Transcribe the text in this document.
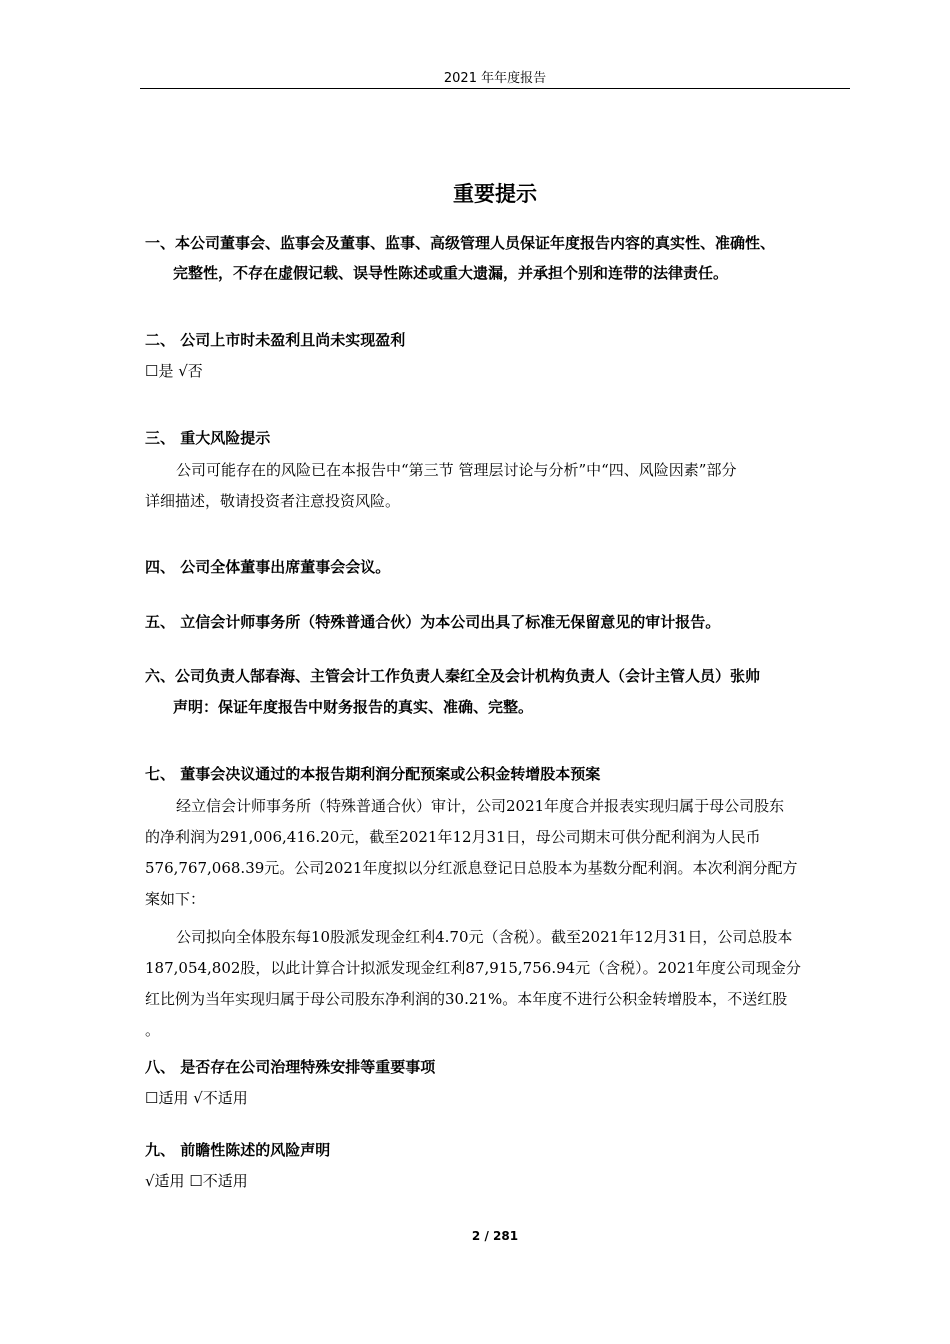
2021 年年度报告
重要提示
一、本公司董事会、监事会及董事、监事、高级管理人员保证年度报告内容的真实性、准确性、
完整性，不存在虚假记载、误导性陈述或重大遗漏，并承担个别和连带的法律责任。
二、 公司上市时未盈利且尚未实现盈利
☐是 √否
三、 重大风险提示
公司可能存在的风险已在本报告中“第三节 管理层讨论与分析”中“四、风险因素”部分
详细描述，敬请投资者注意投资风险。
四、 公司全体董事出席董事会会议。
五、 立信会计师事务所（特殊普通合伙）为本公司出具了标准无保留意见的审计报告。
六、公司负责人郜春海、主管会计工作负责人秦红全及会计机构负责人（会计主管人员）张帅
声明：保证年度报告中财务报告的真实、准确、完整。
七、 董事会决议通过的本报告期利润分配预案或公积金转增股本预案
经立信会计师事务所（特殊普通合伙）审计，公司2021年度合并报表实现归属于母公司股东
的净利润为291,006,416.20元，截至2021年12月31日，母公司期末可供分配利润为人民币
576,767,068.39元。公司2021年度拟以分红派息登记日总股本为基数分配利润。本次利润分配方
案如下：
公司拟向全体股东每10股派发现金红利4.70元（含税）。截至2021年12月31日，公司总股本
187,054,802股，以此计算合计拟派发现金红利87,915,756.94元（含税）。2021年度公司现金分
红比例为当年实现归属于母公司股东净利润的30.21%。本年度不进行公积金转增股本，不送红股
。
八、 是否存在公司治理特殊安排等重要事项
☐适用 √不适用
九、 前瞻性陈述的风险声明
√适用 ☐不适用
2 / 281
